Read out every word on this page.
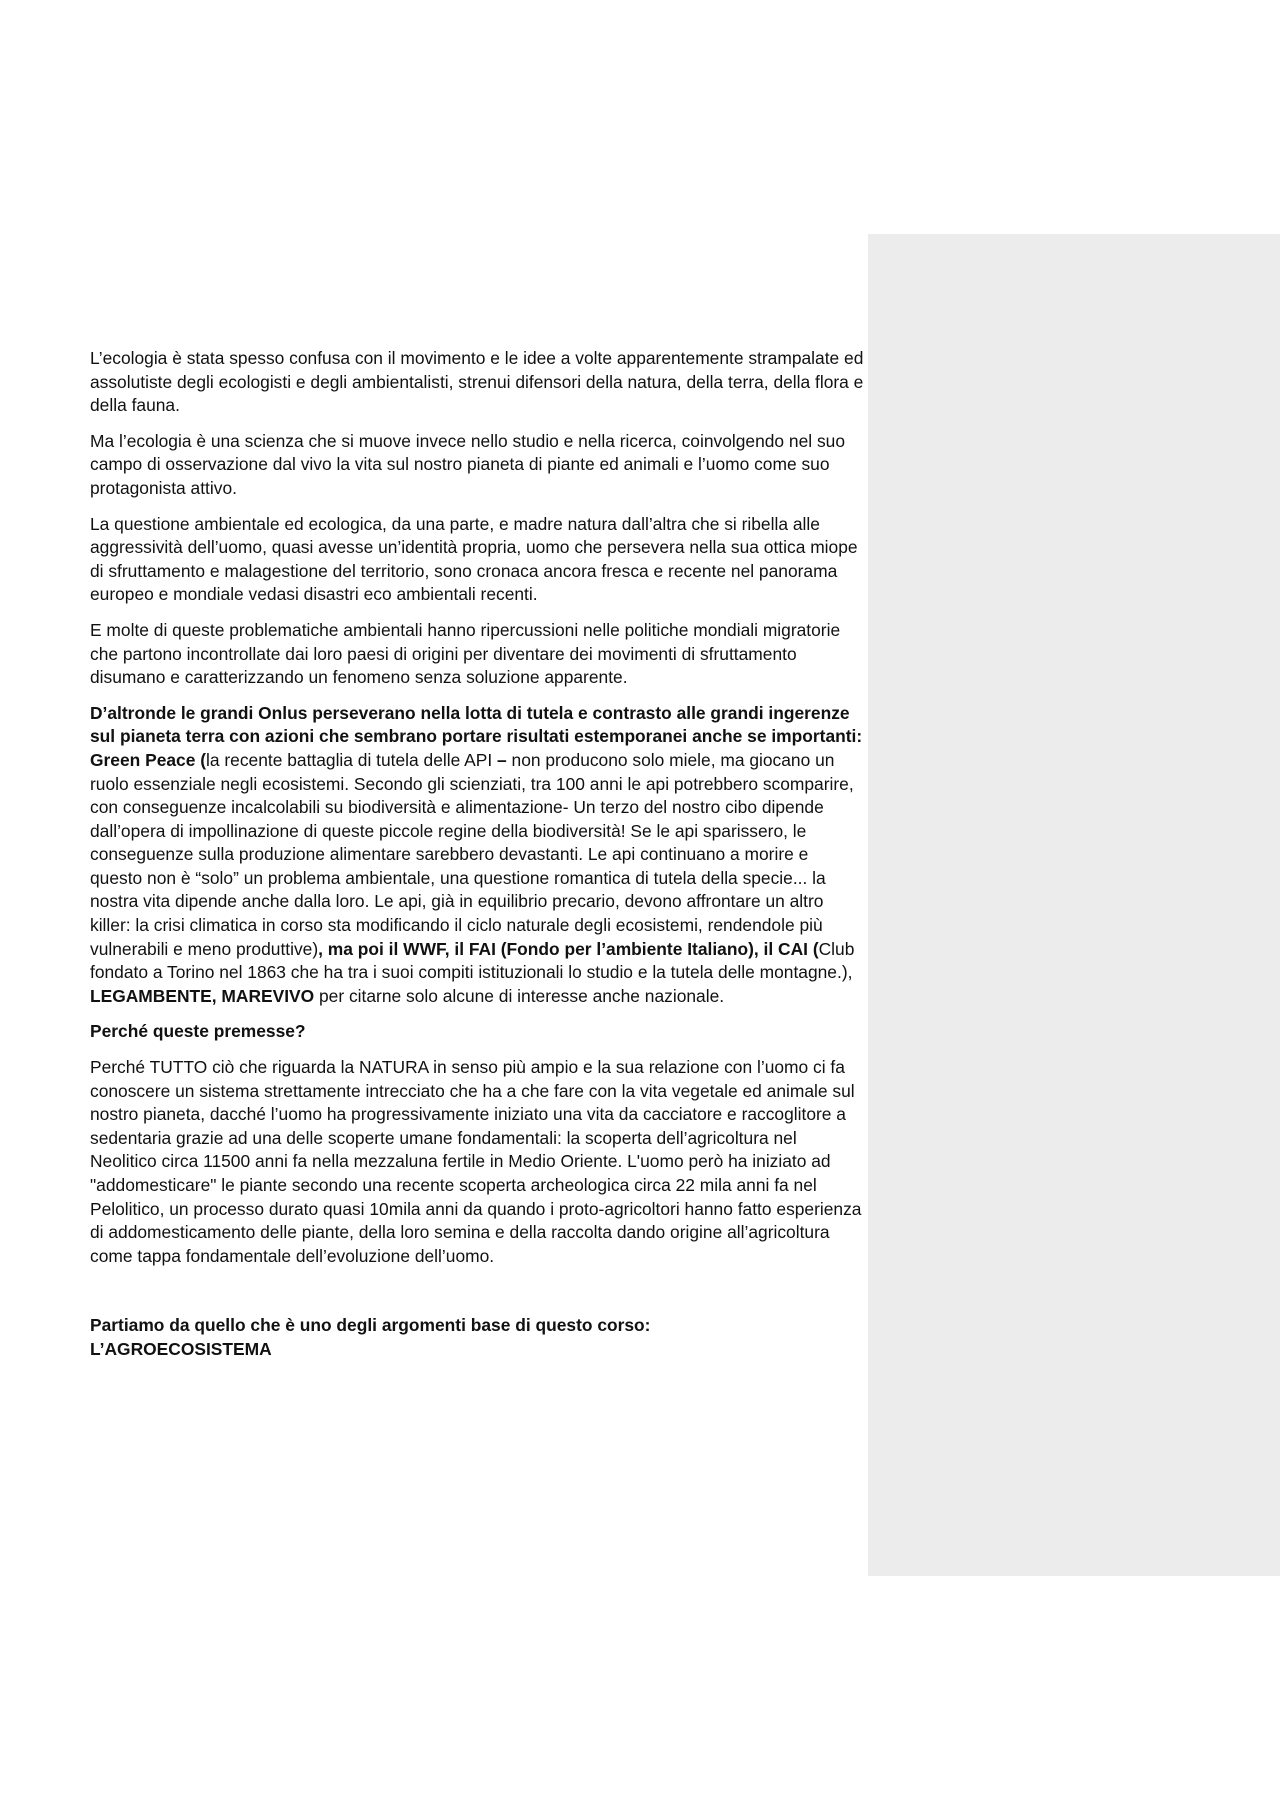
L’ecologia è stata spesso confusa con il movimento e le idee a volte apparentemente strampalate ed assolutiste degli ecologisti e degli ambientalisti, strenui difensori della natura, della terra, della flora e della fauna.

Ma l’ecologia è una scienza che si muove invece nello studio e nella ricerca, coinvolgendo nel suo campo di osservazione dal vivo la vita sul nostro pianeta di piante ed animali e l’uomo come suo protagonista attivo.

La questione ambientale ed ecologica, da una parte, e madre natura dall’altra che si ribella alle aggressività dell’uomo, quasi avesse un’identità propria, uomo che persevera nella sua ottica miope di sfruttamento e malagestione del territorio, sono cronaca ancora fresca e recente nel panorama europeo e mondiale vedasi disastri eco ambientali recenti.

E molte di queste problematiche ambientali hanno ripercussioni nelle politiche mondiali migratorie che partono incontrollate dai loro paesi di origini per diventare dei movimenti di sfruttamento disumano e caratterizzando un fenomeno senza soluzione apparente.

D’altronde le grandi Onlus perseverano nella lotta di tutela e contrasto alle grandi ingerenze sul pianeta terra con azioni che sembrano portare risultati estemporanei anche se importanti: Green Peace (la recente battaglia di tutela delle API – non producono solo miele, ma giocano un ruolo essenziale negli ecosistemi. Secondo gli scienziati, tra 100 anni le api potrebbero scomparire, con conseguenze incalcolabili su biodiversità e alimentazione- Un terzo del nostro cibo dipende dall’opera di impollinazione di queste piccole regine della biodiversità! Se le api sparissero, le conseguenze sulla produzione alimentare sarebbero devastanti. Le api continuano a morire e questo non è “solo” un problema ambientale, una questione romantica di tutela della specie... la nostra vita dipende anche dalla loro. Le api, già in equilibrio precario, devono affrontare un altro killer: la crisi climatica in corso sta modificando il ciclo naturale degli ecosistemi, rendendole più vulnerabili e meno produttive), ma poi il WWF, il FAI (Fondo per l’ambiente Italiano), il CAI (Club fondato a Torino nel 1863 che ha tra i suoi compiti istituzionali lo studio e la tutela delle montagne.), LEGAMBENTE, MAREVIVO per citarne solo alcune di interesse anche nazionale.

Perché queste premesse?

Perché TUTTO ciò che riguarda la NATURA in senso più ampio e la sua relazione con l’uomo ci fa conoscere un sistema strettamente intrecciato che ha a che fare con la vita vegetale ed animale sul nostro pianeta, dacché l’uomo ha progressivamente iniziato una vita da cacciatore e raccoglitore a sedentaria grazie ad una delle scoperte umane fondamentali: la scoperta dell’agricoltura nel Neolitico circa 11500 anni fa nella mezzaluna fertile in Medio Oriente. L'uomo però ha iniziato ad "addomesticare" le piante secondo una recente scoperta archeologica circa 22 mila anni fa nel Pelolitico, un processo durato quasi 10mila anni da quando i proto-agricoltori hanno fatto esperienza di addomesticamento delle piante, della loro semina e della raccolta dando origine all’agricoltura come tappa fondamentale dell’evoluzione dell’uomo.

Partiamo da quello che è uno degli argomenti base di questo corso:

L’AGROECOSISTEMA
